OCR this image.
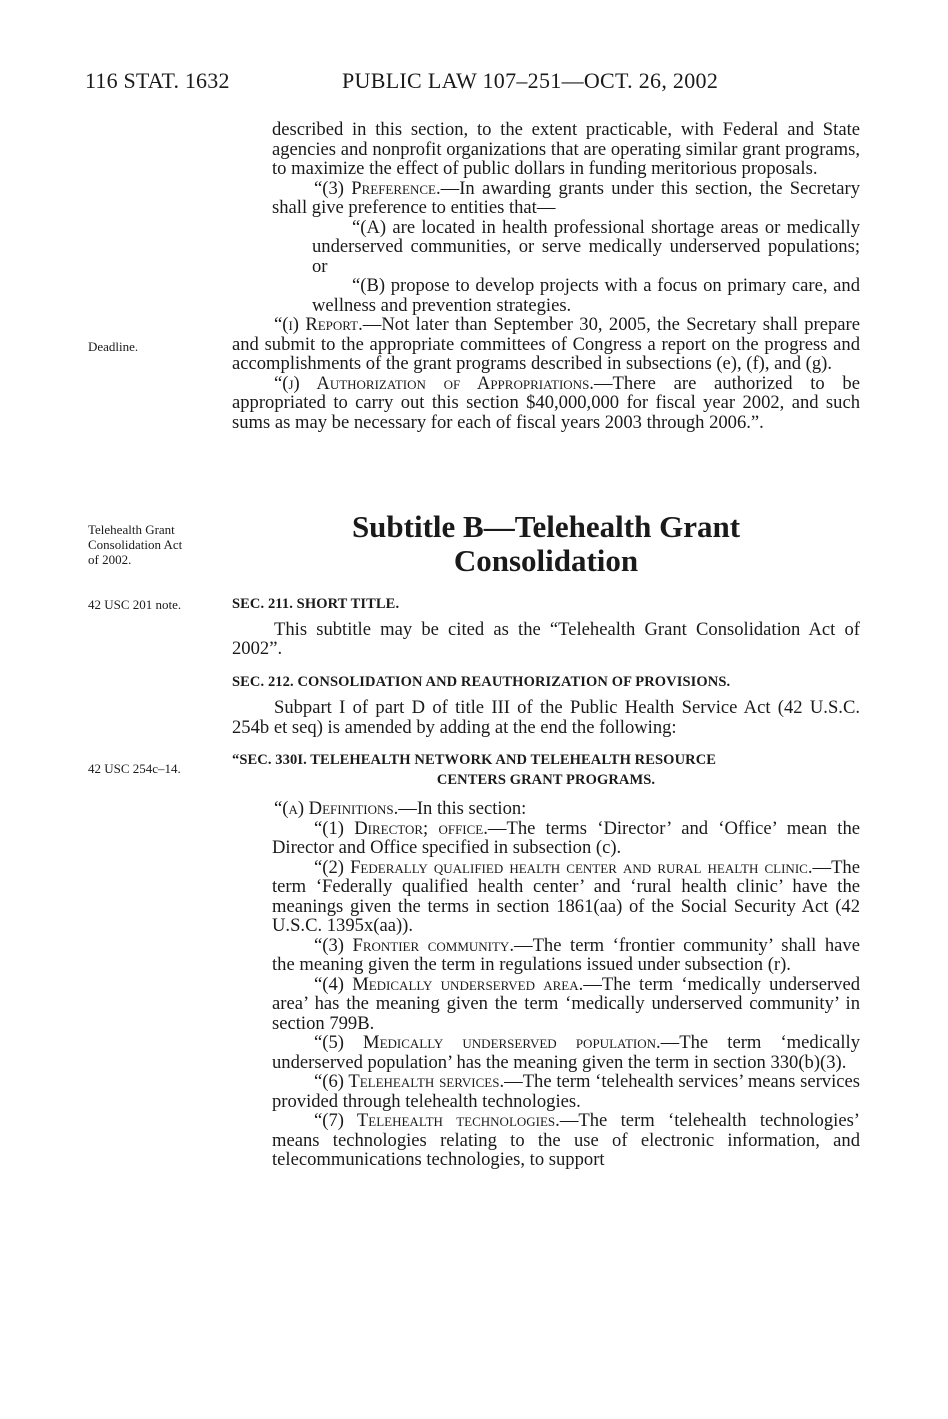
116 STAT. 1632	PUBLIC LAW 107–251—OCT. 26, 2002
Deadline.
Telehealth Grant
Consolidation Act
of 2002.
42 USC 201 note.
42 USC 254c–14.

described in this section, to the extent practicable, with Federal and State agencies and nonprofit organizations that are operating similar grant programs, to maximize the effect of public dollars in funding meritorious proposals.

“(3) Preference.—In awarding grants under this section, the Secretary shall give preference to entities that—

“(A) are located in health professional shortage areas or medically underserved communities, or serve medically underserved populations; or

“(B) propose to develop projects with a focus on primary care, and wellness and prevention strategies.

“(i) Report.—Not later than September 30, 2005, the Secretary shall prepare and submit to the appropriate committees of Congress a report on the progress and accomplishments of the grant programs described in subsections (e), (f), and (g).

“(j) Authorization of Appropriations.—There are authorized to be appropriated to carry out this section $40,000,000 for fiscal year 2002, and such sums as may be necessary for each of fiscal years 2003 through 2006.”.

Subtitle B—Telehealth Grant
Consolidation

SEC. 211. SHORT TITLE.

This subtitle may be cited as the “Telehealth Grant Consolidation Act of 2002”.

SEC. 212. CONSOLIDATION AND REAUTHORIZATION OF PROVISIONS.

Subpart I of part D of title III of the Public Health Service Act (42 U.S.C. 254b et seq) is amended by adding at the end the following:

“SEC. 330I. TELEHEALTH NETWORK AND TELEHEALTH RESOURCE

CENTERS GRANT PROGRAMS.

“(a) Definitions.—In this section:

“(1) Director; office.—The terms ‘Director’ and ‘Office’ mean the Director and Office specified in subsection (c).

“(2) Federally qualified health center and rural health clinic.—The term ‘Federally qualified health center’ and ‘rural health clinic’ have the meanings given the terms in section 1861(aa) of the Social Security Act (42 U.S.C. 1395x(aa)).

“(3) Frontier community.—The term ‘frontier community’ shall have the meaning given the term in regulations issued under subsection (r).

“(4) Medically underserved area.—The term ‘medically underserved area’ has the meaning given the term ‘medically underserved community’ in section 799B.

“(5) Medically underserved population.—The term ‘medically underserved population’ has the meaning given the term in section 330(b)(3).

“(6) Telehealth services.—The term ‘telehealth services’ means services provided through telehealth technologies.

“(7) Telehealth technologies.—The term ‘telehealth technologies’ means technologies relating to the use of electronic information, and telecommunications technologies, to support
